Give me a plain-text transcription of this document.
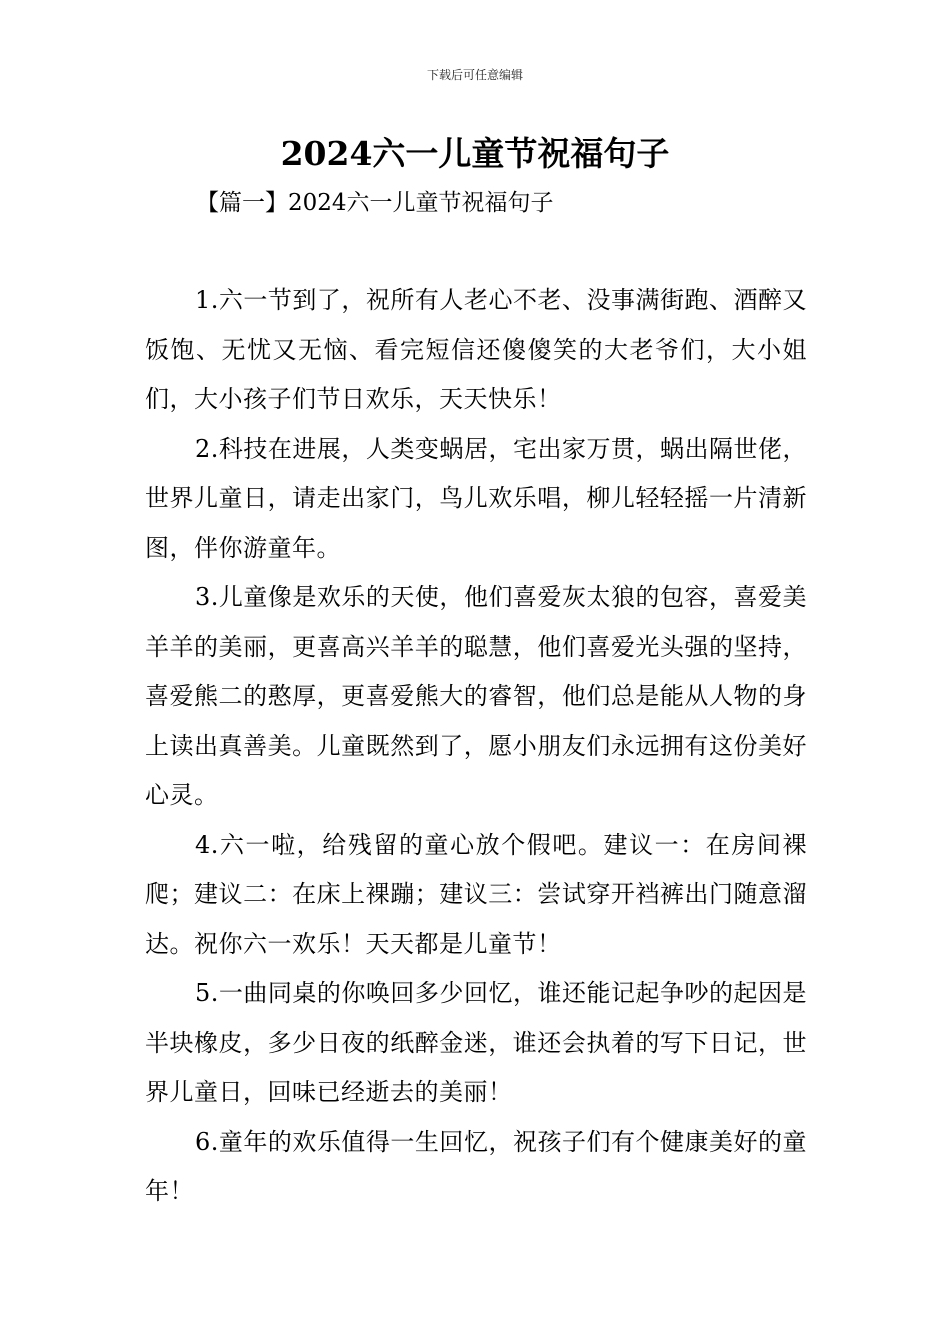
下载后可任意编辑
2024六一儿童节祝福句子
【篇一】2024六一儿童节祝福句子

1.六一节到了，祝所有人老心不老、没事满街跑、酒醉又饭饱、无忧又无恼、看完短信还傻傻笑的大老爷们，大小姐们，大小孩子们节日欢乐，天天快乐！

2.科技在进展，人类变蜗居，宅出家万贯，蜗出隔世佬，世界儿童日，请走出家门，鸟儿欢乐唱，柳儿轻轻摇一片清新图，伴你游童年。

3.儿童像是欢乐的天使，他们喜爱灰太狼的包容，喜爱美羊羊的美丽，更喜高兴羊羊的聪慧，他们喜爱光头强的坚持，喜爱熊二的憨厚，更喜爱熊大的睿智，他们总是能从人物的身上读出真善美。儿童既然到了，愿小朋友们永远拥有这份美好心灵。

4.六一啦，给残留的童心放个假吧。建议一：在房间裸爬；建议二：在床上裸蹦；建议三：尝试穿开裆裤出门随意溜达。祝你六一欢乐！天天都是儿童节！

5.一曲同桌的你唤回多少回忆，谁还能记起争吵的起因是半块橡皮，多少日夜的纸醉金迷，谁还会执着的写下日记，世界儿童日，回味已经逝去的美丽！

6.童年的欢乐值得一生回忆，祝孩子们有个健康美好的童年！
